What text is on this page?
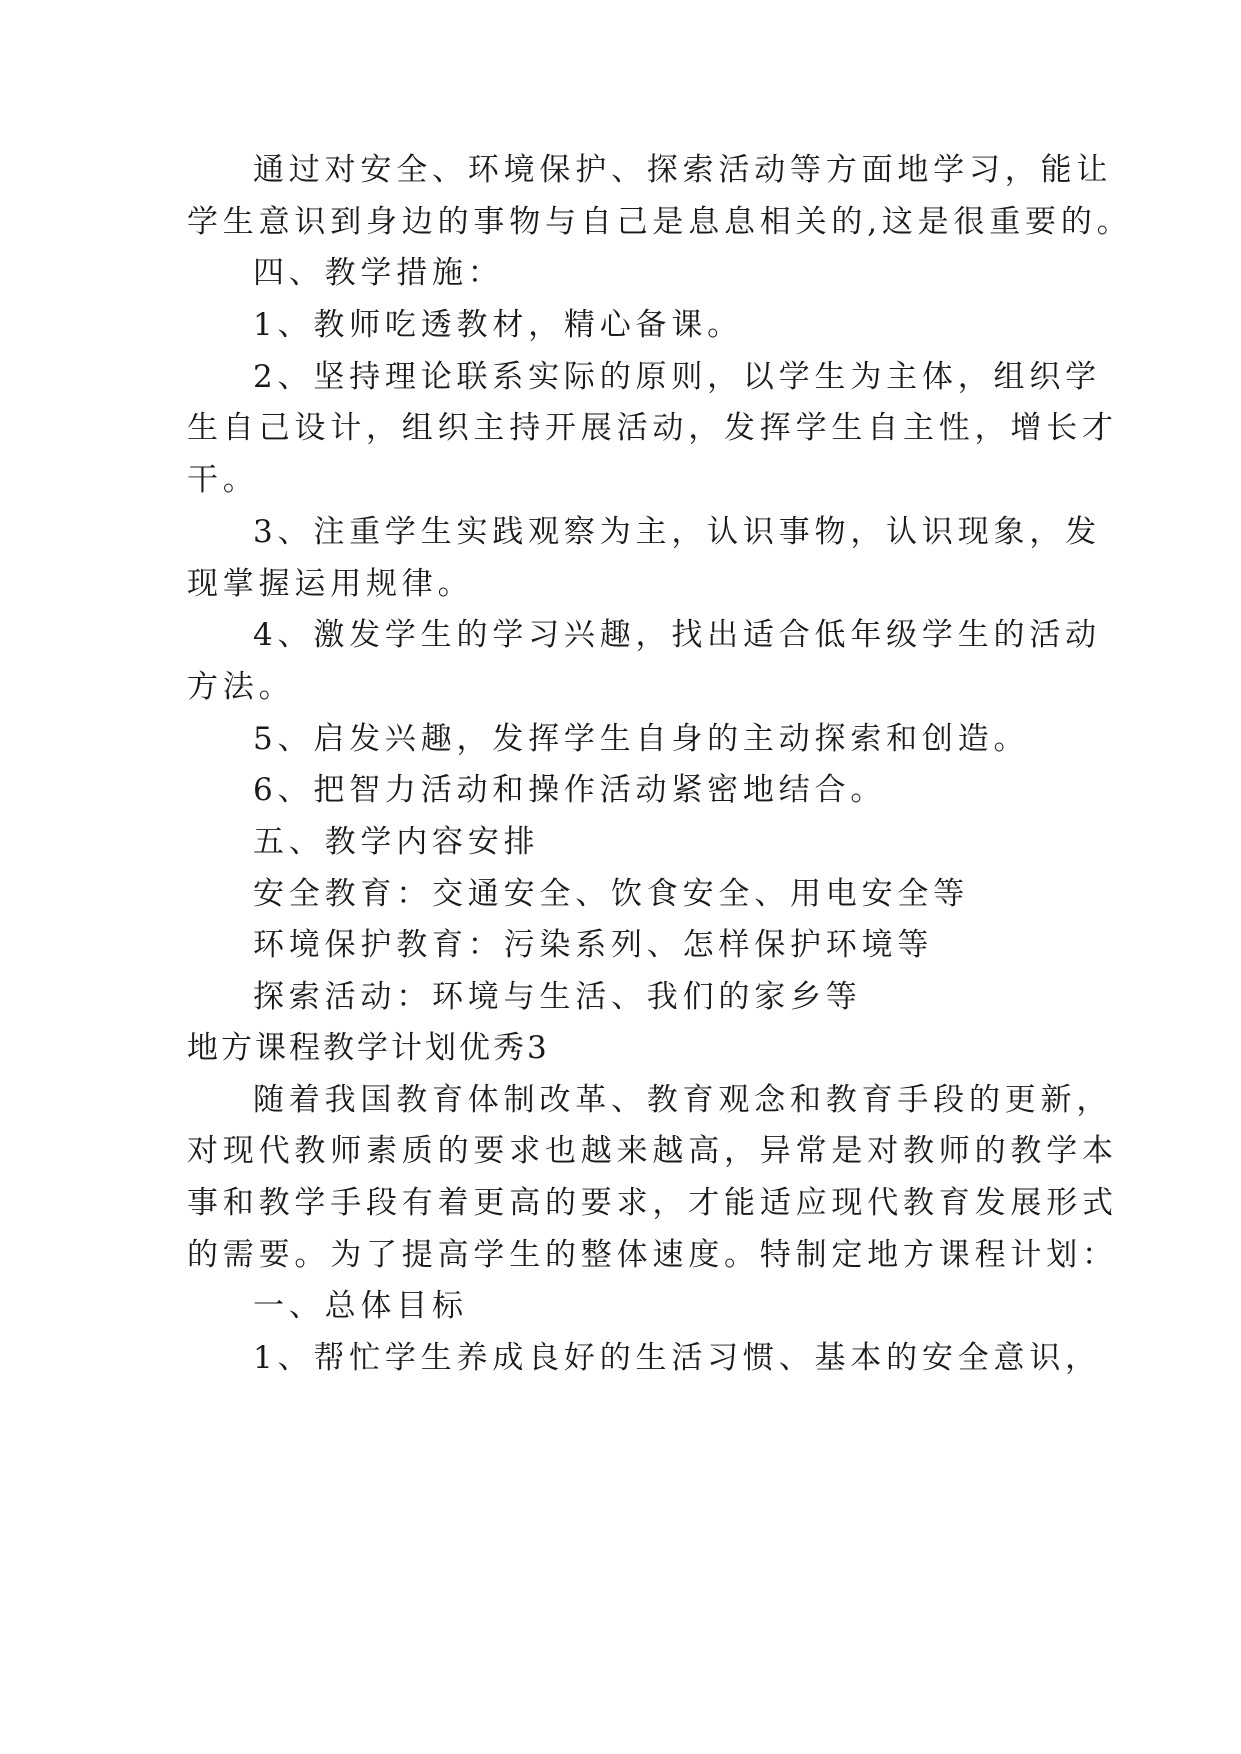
通过对安全、环境保护、探索活动等方面地学习，能让
学生意识到身边的事物与自己是息息相关的,这是很重要的。
四、教学措施：
1、教师吃透教材，精心备课。
2、坚持理论联系实际的原则，以学生为主体，组织学
生自己设计，组织主持开展活动，发挥学生自主性，增长才
干。
3、注重学生实践观察为主，认识事物，认识现象，发
现掌握运用规律。
4、激发学生的学习兴趣，找出适合低年级学生的活动
方法。
5、启发兴趣，发挥学生自身的主动探索和创造。
6、把智力活动和操作活动紧密地结合。
五、教学内容安排
安全教育：交通安全、饮食安全、用电安全等
环境保护教育：污染系列、怎样保护环境等
探索活动：环境与生活、我们的家乡等
地方课程教学计划优秀3
随着我国教育体制改革、教育观念和教育手段的更新，
对现代教师素质的要求也越来越高，异常是对教师的教学本
事和教学手段有着更高的要求，才能适应现代教育发展形式
的需要。为了提高学生的整体速度。特制定地方课程计划：
一、总体目标
1、帮忙学生养成良好的生活习惯、基本的安全意识，
